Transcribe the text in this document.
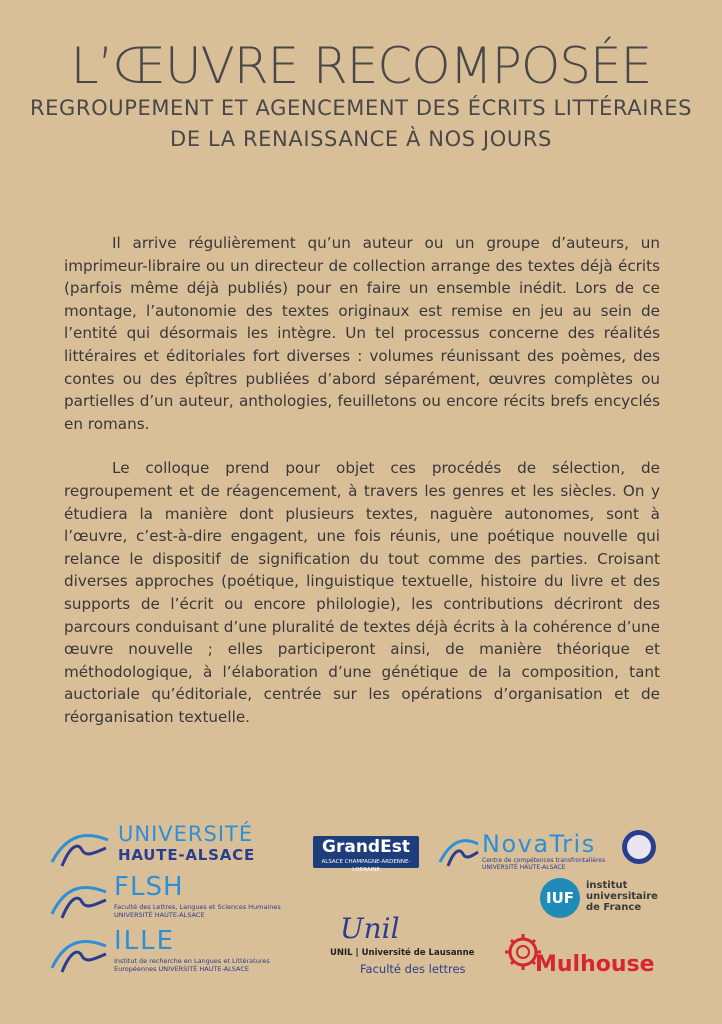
L’ŒUVRE RECOMPOSÉE
REGROUPEMENT ET AGENCEMENT DES ÉCRITS LITTÉRAIRES
DE LA RENAISSANCE À NOS JOURS

Il arrive régulièrement qu’un auteur ou un groupe d’auteurs, un imprimeur-libraire ou un directeur de collection arrange des textes déjà écrits (parfois même déjà publiés) pour en faire un ensemble inédit. Lors de ce montage, l’autonomie des textes originaux est remise en jeu au sein de l’entité qui désormais les intègre. Un tel processus concerne des réalités littéraires et éditoriales fort diverses : volumes réunissant des poèmes, des contes ou des épîtres publiées d’abord séparément, œuvres complètes ou partielles d’un auteur, anthologies, feuilletons ou encore récits brefs encyclés en romans.

Le colloque prend pour objet ces procédés de sélection, de regroupement et de réagencement, à travers les genres et les siècles. On y étudiera la manière dont plusieurs textes, naguère autonomes, sont à l’œuvre, c’est-à-dire engagent, une fois réunis, une poétique nouvelle qui relance le dispositif de signification du tout comme des parties. Croisant diverses approches (poétique, linguistique textuelle, histoire du livre et des supports de l’écrit ou encore philologie), les contributions décriront des parcours conduisant d’une pluralité de textes déjà écrits à la cohérence d’une œuvre nouvelle ; elles participeront ainsi, de manière théorique et méthodologique, à l’élaboration d’une génétique de la composition, tant auctoriale qu’éditoriale, centrée sur les opérations d’organisation et de réorganisation textuelle.

UNIVERSITÉ
HAUTE-ALSACE	GrandEst
ALSACE CHAMPAGNE-ARDENNE-LORRAINE
NovaTris
Centre de compétences transfrontalières UNIVERSITÉ HAUTE-ALSACE
FLSH
Faculté des Lettres, Langues et Sciences Humaines UNIVERSITÉ HAUTE-ALSACE
IUF
institut
universitaire
de France
ILLE
Institut de recherche en Langues et Littératures Européennes UNIVERSITÉ HAUTE-ALSACE
Unil
UNIL | Université de Lausanne
Faculté des lettres	Mulhouse
